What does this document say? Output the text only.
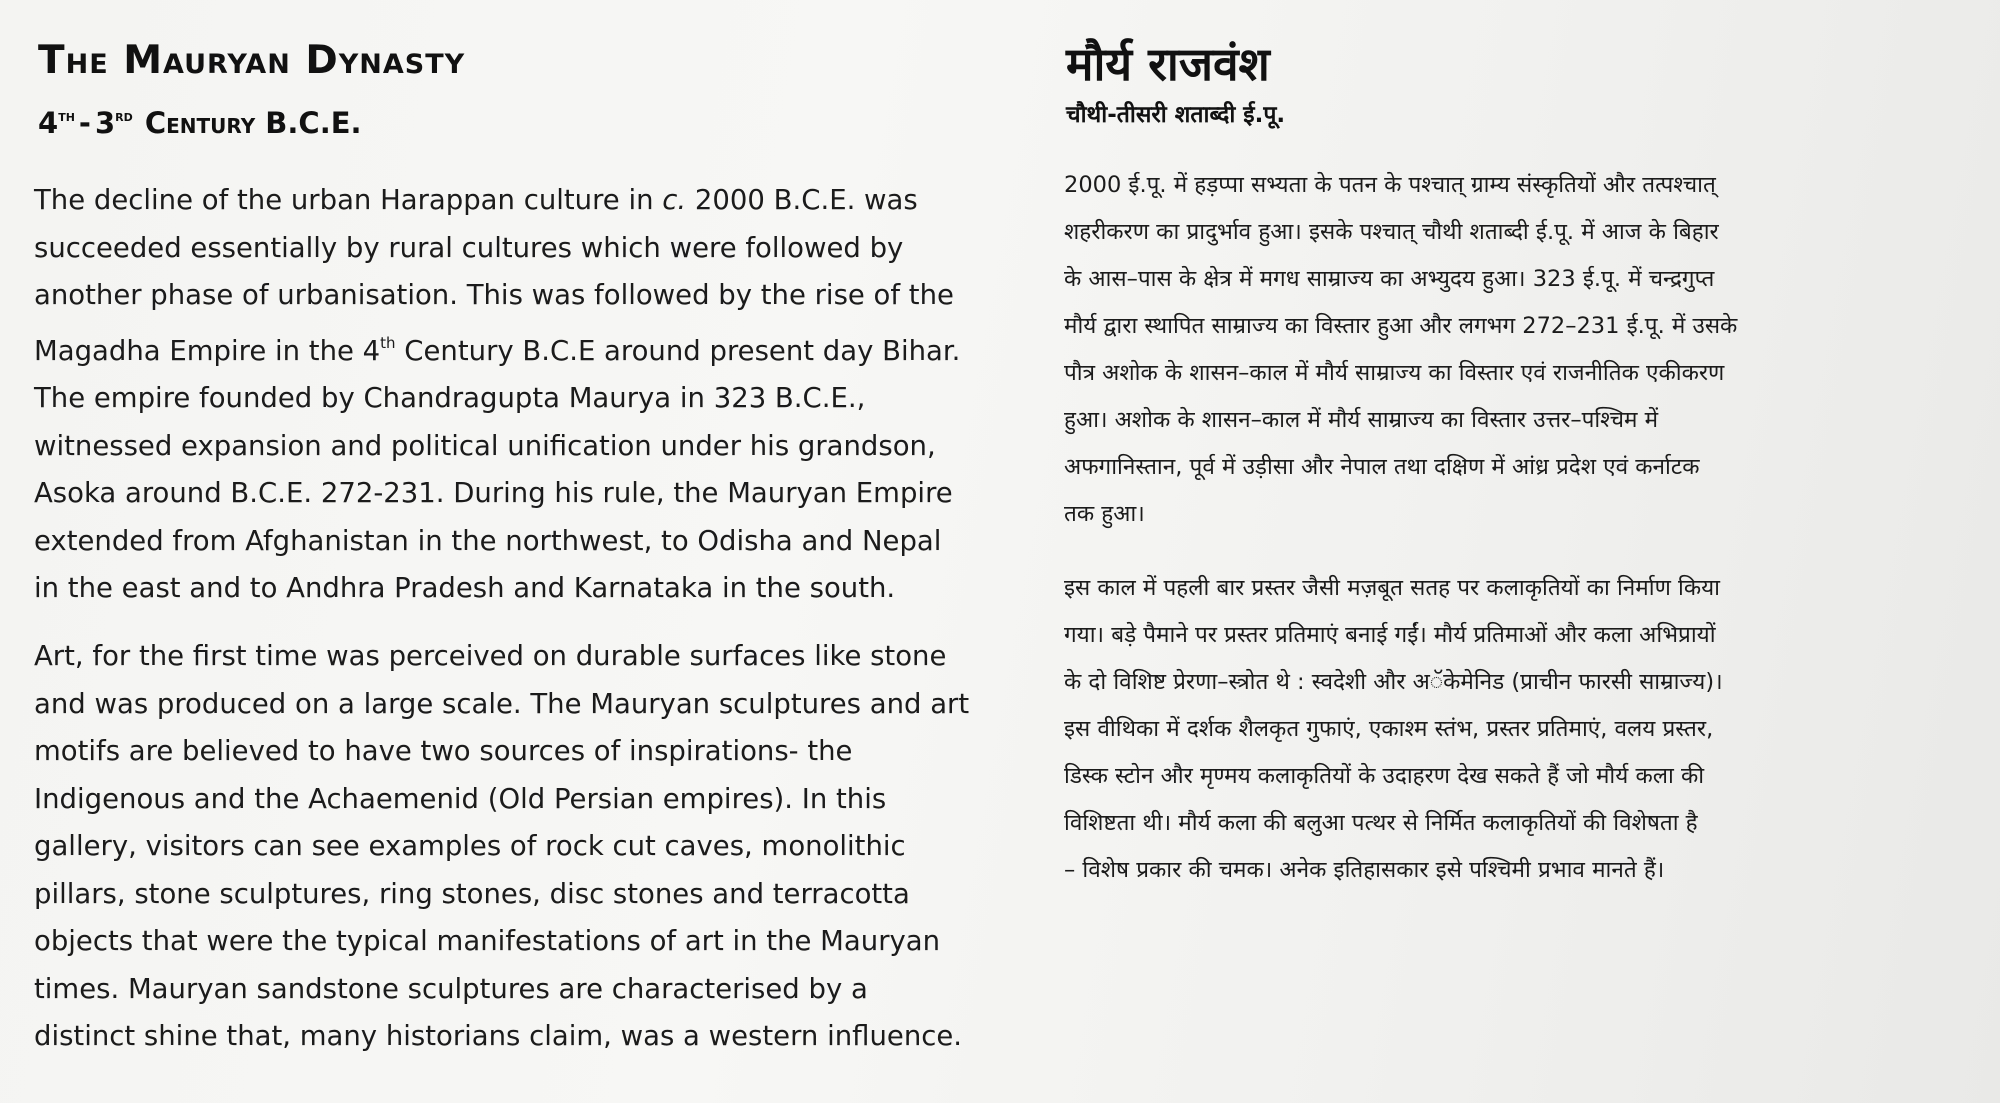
The Mauryan Dynasty
4th - 3rd Century B.C.E.
The decline of the urban Harappan culture in c. 2000 B.C.E. was
succeeded essentially by rural cultures which were followed by
another phase of urbanisation. This was followed by the rise of the
Magadha Empire in the 4th Century B.C.E around present day Bihar.
The empire founded by Chandragupta Maurya in 323 B.C.E.,
witnessed expansion and political unification under his grandson,
Asoka around B.C.E. 272-231. During his rule, the Mauryan Empire
extended from Afghanistan in the northwest, to Odisha and Nepal
in the east and to Andhra Pradesh and Karnataka in the south.
Art, for the first time was perceived on durable surfaces like stone
and was produced on a large scale. The Mauryan sculptures and art
motifs are believed to have two sources of inspirations- the
Indigenous and the Achaemenid (Old Persian empires). In this
gallery, visitors can see examples of rock cut caves, monolithic
pillars, stone sculptures, ring stones, disc stones and terracotta
objects that were the typical manifestations of art in the Mauryan
times. Mauryan sandstone sculptures are characterised by a
distinct shine that, many historians claim, was a western influence.
मौर्य राजवंश
चौथी-तीसरी शताब्दी ई.पू.
2000 ई.पू. में हड़प्पा सभ्यता के पतन के पश्चात् ग्राम्य संस्कृतियों और तत्पश्चात्
शहरीकरण का प्रादुर्भाव हुआ। इसके पश्चात् चौथी शताब्दी ई.पू. में आज के बिहार
के आस–पास के क्षेत्र में मगध साम्राज्य का अभ्युदय हुआ। 323 ई.पू. में चन्द्रगुप्त
मौर्य द्वारा स्थापित साम्राज्य का विस्तार हुआ और लगभग 272–231 ई.पू. में उसके
पौत्र अशोक के शासन–काल में मौर्य साम्राज्य का विस्तार एवं राजनीतिक एकीकरण
हुआ। अशोक के शासन–काल में मौर्य साम्राज्य का विस्तार उत्तर–पश्चिम में
अफगानिस्तान, पूर्व में उड़ीसा और नेपाल तथा दक्षिण में आंध्र प्रदेश एवं कर्नाटक
तक हुआ।
इस काल में पहली बार प्रस्तर जैसी मज़बूत सतह पर कलाकृतियों का निर्माण किया
गया। बड़े पैमाने पर प्रस्तर प्रतिमाएं बनाई गईं। मौर्य प्रतिमाओं और कला अभिप्रायों
के दो विशिष्ट प्रेरणा–स्त्रोत थे : स्वदेशी और अॅकेमेनिड (प्राचीन फारसी साम्राज्य)।
इस वीथिका में दर्शक शैलकृत गुफाएं, एकाश्म स्तंभ, प्रस्तर प्रतिमाएं, वलय प्रस्तर,
डिस्क स्टोन और मृण्मय कलाकृतियों के उदाहरण देख सकते हैं जो मौर्य कला की
विशिष्टता थी। मौर्य कला की बलुआ पत्थर से निर्मित कलाकृतियों की विशेषता है
– विशेष प्रकार की चमक। अनेक इतिहासकार इसे पश्चिमी प्रभाव मानते हैं।
